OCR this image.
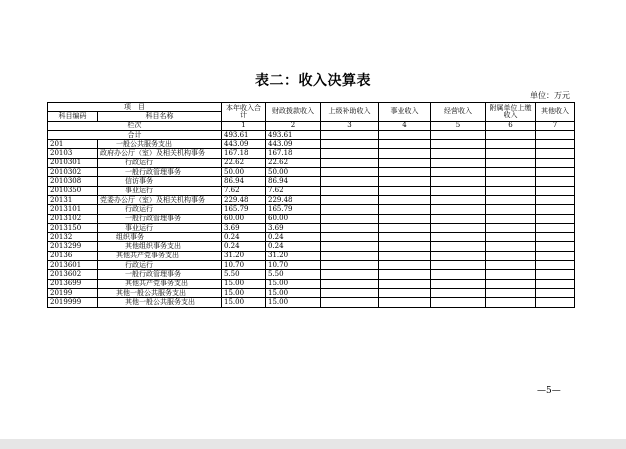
表二：收入决算表
单位：万元
项　目		本年收入合计	财政拨款收入	上级补助收入	事业收入	经营收入	附属单位上缴收入	其他收入
科目编码	科目名称							
栏次		1	2	3	4	5	6	7
合计		493.61	493.61					
201	一般公共服务支出	443.09	443.09					
20103	政府办公厅（室）及相关机构事务	167.18	167.18					
2010301	行政运行	22.62	22.62					
2010302	一般行政管理事务	50.00	50.00					
2010308	信访事务	86.94	86.94					
2010350	事业运行	7.62	7.62					
20131	党委办公厅（室）及相关机构事务	229.48	229.48					
2013101	行政运行	165.79	165.79					
2013102	一般行政管理事务	60.00	60.00					
2013150	事业运行	3.69	3.69					
20132	组织事务	0.24	0.24					
2013299	其他组织事务支出	0.24	0.24					
20136	其他共产党事务支出	31.20	31.20					
2013601	行政运行	10.70	10.70					
2013602	一般行政管理事务	5.50	5.50					
2013699	其他共产党事务支出	15.00	15.00					
20199	其他一般公共服务支出	15.00	15.00					
2019999	其他一般公共服务支出	15.00	15.00					
—5—
